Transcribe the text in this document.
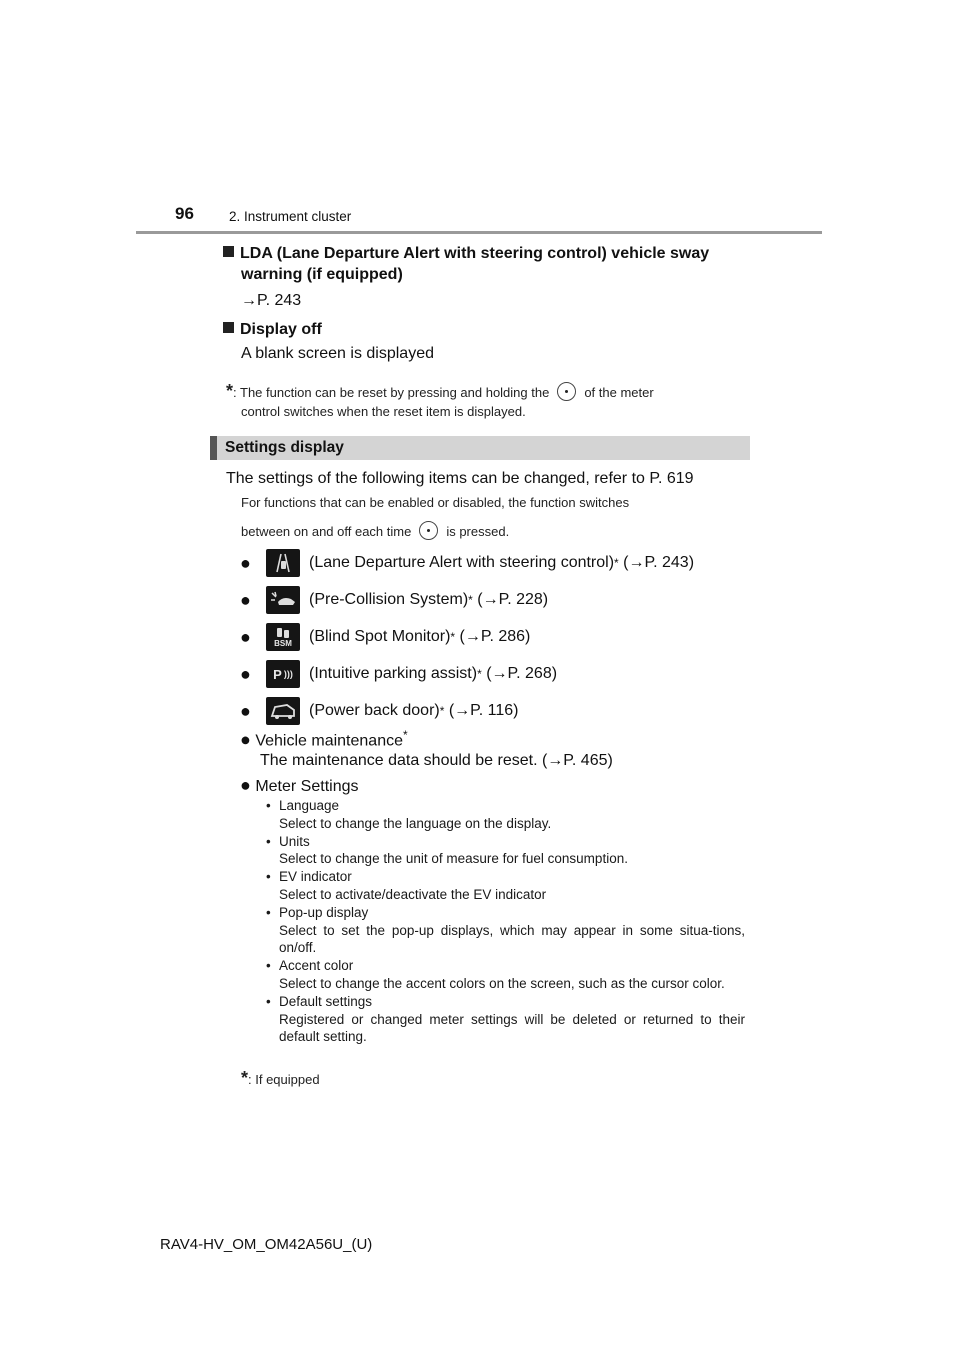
96	2. Instrument cluster
LDA (Lane Departure Alert with steering control) vehicle sway
warning (if equipped)
→P. 243
Display off
A blank screen is displayed
*: The function can be reset by pressing and holding the	of the meter
control switches when the reset item is displayed.
Settings display
The settings of the following items can be changed, refer to P. 619
For functions that can be enabled or disabled, the function switches
between on and off each time	is pressed.
●	(Lane Departure Alert with steering control) *
(→P. 243)
●	(Pre-Collision System) *
(→P. 228)
●	BSM (Blind Spot Monitor) *
(→P. 286)
●	P ))) (Intuitive parking assist) *
(→P. 268)
●	(Power back door) *
(→P. 116)
● Vehicle maintenance*
The maintenance data should be reset. (→P. 465)
● Meter Settings
• Language
Select to change the language on the display.
• Units
Select to change the unit of measure for fuel consumption.
• EV indicator
Select to activate/deactivate the EV indicator
• Pop-up display
Select to set the pop-up displays, which may appear in some situa-tions, on/off.
• Accent color
Select to change the accent colors on the screen, such as the cursor color.
• Default settings
Registered or changed meter settings will be deleted or returned to their default setting.
*: If equipped
RAV4-HV_OM_OM42A56U_(U)
